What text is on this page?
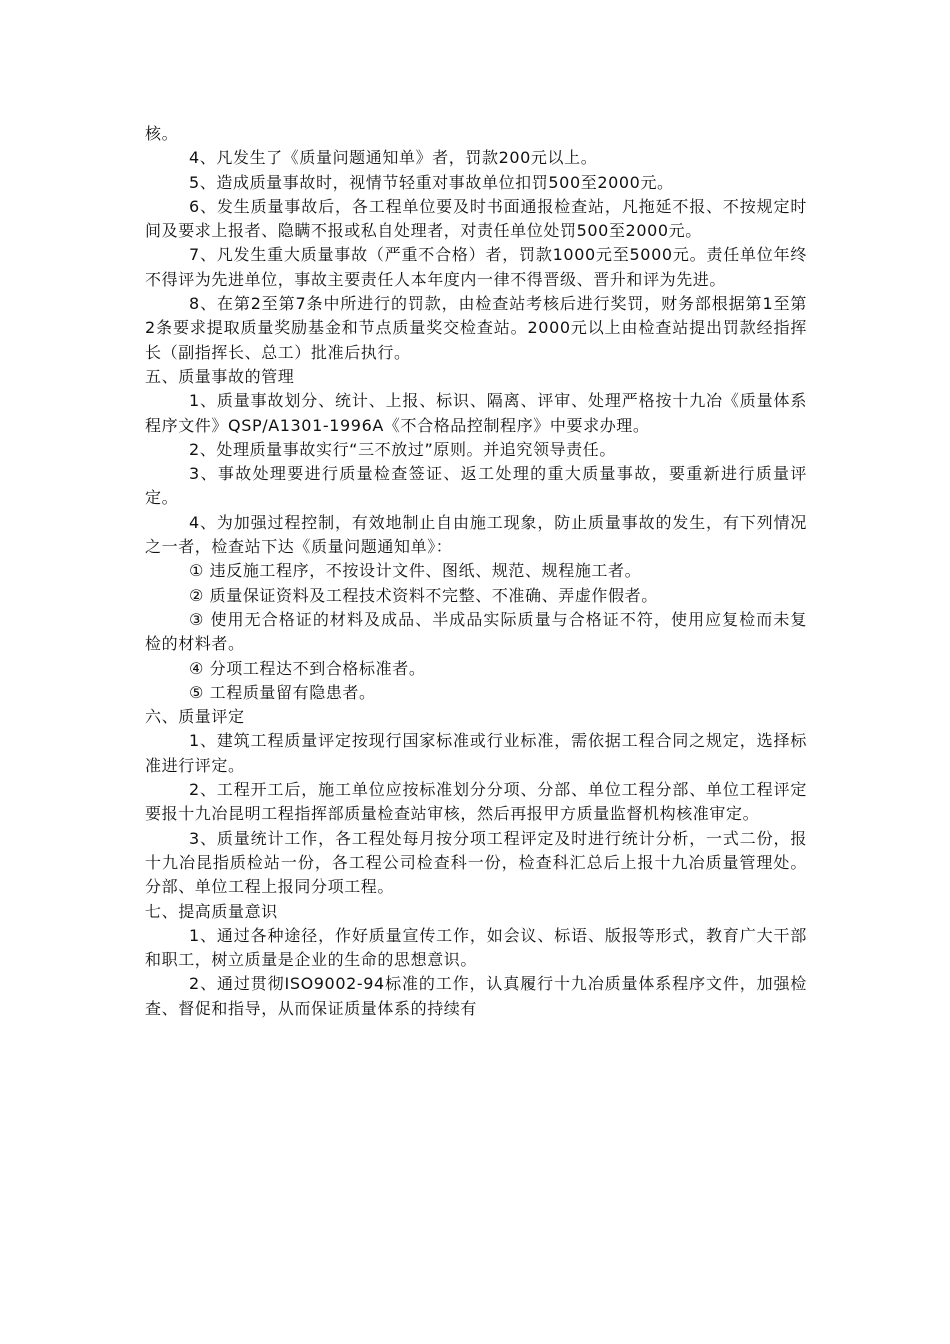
核。

4、凡发生了《质量问题通知单》者，罚款200元以上。

5、造成质量事故时，视情节轻重对事故单位扣罚500至2000元。

6、发生质量事故后，各工程单位要及时书面通报检查站，凡拖延不报、不按规定时间及要求上报者、隐瞒不报或私自处理者，对责任单位处罚500至2000元。

7、凡发生重大质量事故（严重不合格）者，罚款1000元至5000元。责任单位年终不得评为先进单位，事故主要责任人本年度内一律不得晋级、晋升和评为先进。

8、在第2至第7条中所进行的罚款，由检查站考核后进行奖罚，财务部根据第1至第2条要求提取质量奖励基金和节点质量奖交检查站。2000元以上由检查站提出罚款经指挥长（副指挥长、总工）批准后执行。

五、质量事故的管理

1、质量事故划分、统计、上报、标识、隔离、评审、处理严格按十九冶《质量体系程序文件》QSP/A1301-1996A《不合格品控制程序》中要求办理。

2、处理质量事故实行“三不放过”原则。并追究领导责任。

3、事故处理要进行质量检查签证、返工处理的重大质量事故，要重新进行质量评定。

4、为加强过程控制，有效地制止自由施工现象，防止质量事故的发生，有下列情况之一者，检查站下达《质量问题通知单》：

① 违反施工程序，不按设计文件、图纸、规范、规程施工者。

② 质量保证资料及工程技术资料不完整、不准确、弄虚作假者。

③ 使用无合格证的材料及成品、半成品实际质量与合格证不符，使用应复检而未复检的材料者。

④ 分项工程达不到合格标准者。

⑤ 工程质量留有隐患者。

六、质量评定

1、建筑工程质量评定按现行国家标准或行业标准，需依据工程合同之规定，选择标准进行评定。

2、工程开工后，施工单位应按标准划分分项、分部、单位工程分部、单位工程评定要报十九冶昆明工程指挥部质量检查站审核，然后再报甲方质量监督机构核准审定。

3、质量统计工作，各工程处每月按分项工程评定及时进行统计分析，一式二份，报十九冶昆指质检站一份，各工程公司检查科一份，检查科汇总后上报十九冶质量管理处。分部、单位工程上报同分项工程。

七、提高质量意识

1、通过各种途径，作好质量宣传工作，如会议、标语、版报等形式，教育广大干部和职工，树立质量是企业的生命的思想意识。

2、通过贯彻ISO9002-94标准的工作，认真履行十九冶质量体系程序文件，加强检查、督促和指导，从而保证质量体系的持续有
